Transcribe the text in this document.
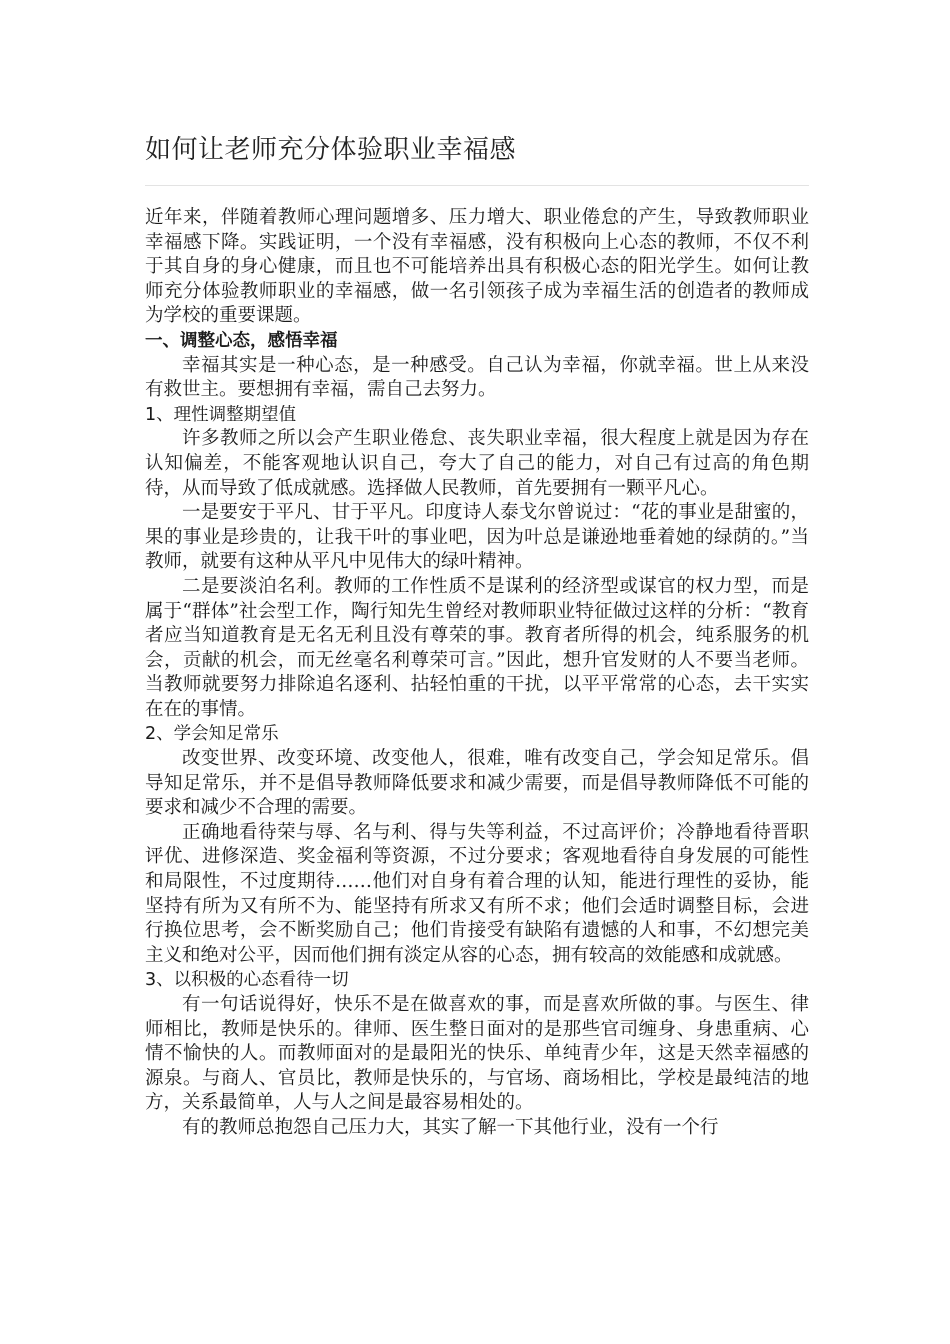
如何让老师充分体验职业幸福感

近年来，伴随着教师心理问题增多、压力增大、职业倦怠的产生，导致教师职业幸福感下降。实践证明，一个没有幸福感，没有积极向上心态的教师，不仅不利于其自身的身心健康，而且也不可能培养出具有积极心态的阳光学生。如何让教师充分体验教师职业的幸福感，做一名引领孩子成为幸福生活的创造者的教师成为学校的重要课题。

一、调整心态，感悟幸福

幸福其实是一种心态，是一种感受。自己认为幸福，你就幸福。世上从来没有救世主。要想拥有幸福，需自己去努力。

1、理性调整期望值

许多教师之所以会产生职业倦怠、丧失职业幸福，很大程度上就是因为存在认知偏差，不能客观地认识自己，夸大了自己的能力，对自己有过高的角色期待，从而导致了低成就感。选择做人民教师，首先要拥有一颗平凡心。

一是要安于平凡、甘于平凡。印度诗人泰戈尔曾说过：“花的事业是甜蜜的，果的事业是珍贵的，让我干叶的事业吧，因为叶总是谦逊地垂着她的绿荫的。”当教师，就要有这种从平凡中见伟大的绿叶精神。

二是要淡泊名利。教师的工作性质不是谋利的经济型或谋官的权力型，而是属于“群体”社会型工作，陶行知先生曾经对教师职业特征做过这样的分析：“教育者应当知道教育是无名无利且没有尊荣的事。教育者所得的机会，纯系服务的机会，贡献的机会，而无丝毫名利尊荣可言。”因此，想升官发财的人不要当老师。当教师就要努力排除追名逐利、拈轻怕重的干扰，以平平常常的心态，去干实实在在的事情。

2、学会知足常乐

改变世界、改变环境、改变他人，很难，唯有改变自己，学会知足常乐。倡导知足常乐，并不是倡导教师降低要求和减少需要，而是倡导教师降低不可能的要求和减少不合理的需要。

正确地看待荣与辱、名与利、得与失等利益，不过高评价；冷静地看待晋职评优、进修深造、奖金福利等资源，不过分要求；客观地看待自身发展的可能性和局限性，不过度期待……他们对自身有着合理的认知，能进行理性的妥协，能坚持有所为又有所不为、能坚持有所求又有所不求；他们会适时调整目标，会进行换位思考，会不断奖励自己；他们肯接受有缺陷有遗憾的人和事，不幻想完美主义和绝对公平，因而他们拥有淡定从容的心态，拥有较高的效能感和成就感。

3、以积极的心态看待一切

有一句话说得好，快乐不是在做喜欢的事，而是喜欢所做的事。与医生、律师相比，教师是快乐的。律师、医生整日面对的是那些官司缠身、身患重病、心情不愉快的人。而教师面对的是最阳光的快乐、单纯青少年，这是天然幸福感的源泉。与商人、官员比，教师是快乐的，与官场、商场相比，学校是最纯洁的地方，关系最简单，人与人之间是最容易相处的。

有的教师总抱怨自己压力大，其实了解一下其他行业，没有一个行
